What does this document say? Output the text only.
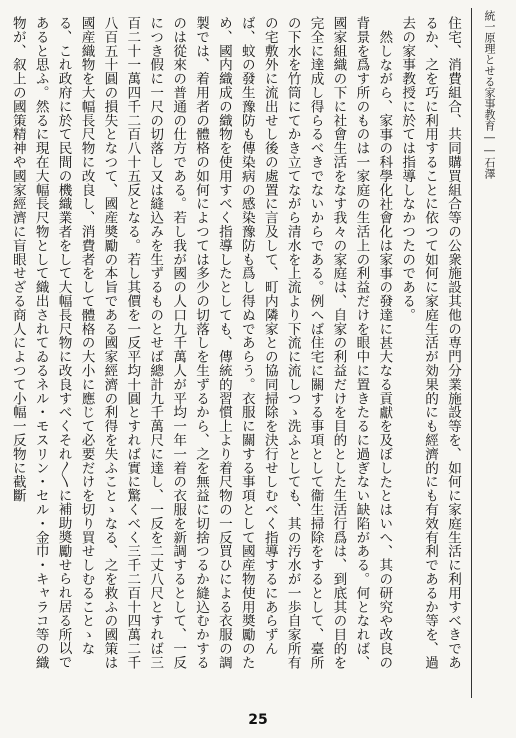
統一原理とせる家事教育――石澤

住宅、消費組合、共同購買組合等の公衆施設其他の専門分業施設等を、如何に家庭生活に利用すべきであるか、之を巧に利用することに依つて如何に家庭生活が効果的にも經濟的にも有效有利であるか等を、過去の家事教授に於ては指導しなかつたのである。

然しながら、家事の科學化社會化は家事の發達に甚大なる貢獻を及ぼしたとはいへ、其の研究や改良の背景を爲す所のものは一家庭の生活上の利益だけを眼中に置きたるに過ぎない缺陷がある。何となれば、國家組織の下に社會生活をなす我々の家庭は、自家の利益だけを目的とした生活行爲は、到底其の目的を完全に達成し得らるべきでないからである。例へば住宅に關する事項として衞生掃除をするとして、臺所の下水を竹筒にてかき立てながら清水を上流より下流に流しつゝ洗ふとしても、其の汚水が一歩自家所有の宅敷外に流出せし後の處置に言及して、町内隣家との協同掃除を決行せしむべく指導するにあらずんば、蚊の發生豫防も傳染病の感染豫防も爲し得ぬであらう。衣服に關する事項として國産物使用奬勵のため、國内織成の織物を使用すべく指導したとしても、傳統的習慣上より着尺物の一反買ひによる衣服の調製では、着用者の體格の如何によつては多少の切落しを生ずるから、之を無益に切捨つるか縫込むかするのは從來の普通の仕方である。若し我が國の人口九千萬人が平均一年一着の衣服を新調するとして、一反につき假に一尺の切落し又は縫込みを生ずるものとせば總計九千萬尺に達し、一反を二丈八尺とすれば三百二十一萬四千二百八十五反となる。若し其價を一反平均十圓とすれば實に驚くべく三千二百十四萬二千八百五十圓の損失となつて、國産奬勵の本旨である國家經濟の利得を失ふことゝなる、之を救ふの國策は國産織物を大幅長尺物に改良し、消費者をして體格の大小に應じて必要だけを切り買せしむることゝなる、これ政府に於て民間の機織業者をして大幅長尺物に改良すべくそれ〳〵に補助奬勵せられ居る所以であると思ふ。然るに現在大幅長尺物として織出されてゐるネル・モスリン・セル・金巾・キャラコ等の織物が、叙上の國策精神や國家經濟に盲眼せざる商人によつて小幅一反物に截斷

25
